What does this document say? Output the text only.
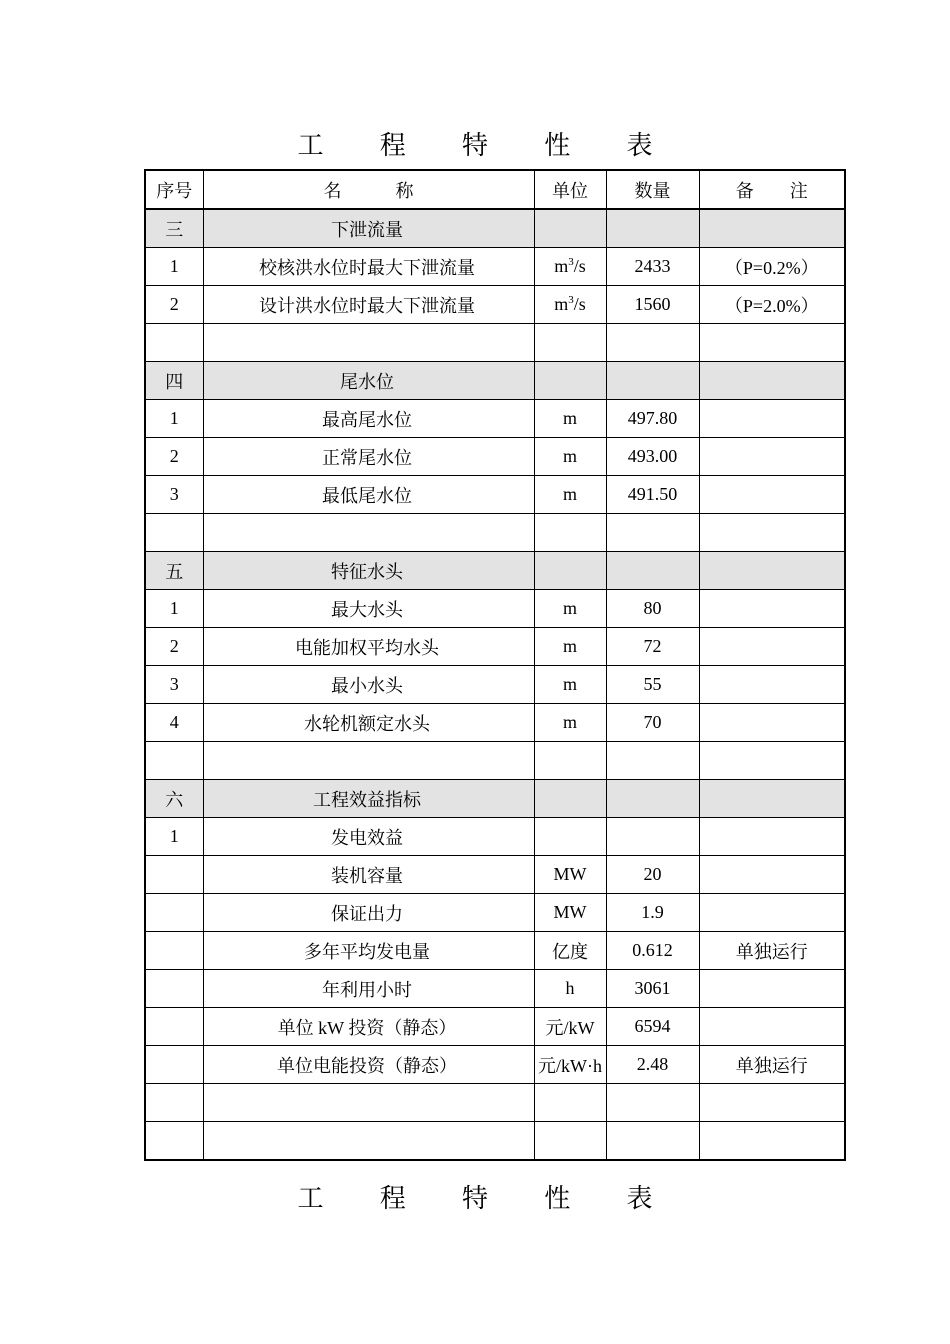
工 程 特 性 表
序号	名　　　称	单位	数量	备　　注
三	下泄流量			
1	校核洪水位时最大下泄流量	$m^3/s$	2433	（P=0.2%）
2	设计洪水位时最大下泄流量	$m^3/s$	1560	（P=2.0%）

四	尾水位			
1	最高尾水位	m	497.80	
2	正常尾水位	m	493.00	
3	最低尾水位	m	491.50	

五	特征水头			
1	最大水头	m	80	
2	电能加权平均水头	m	72	
3	最小水头	m	55	
4	水轮机额定水头	m	70	

六	工程效益指标			
1	发电效益			
	装机容量	MW	20	
	保证出力	MW	1.9	
	多年平均发电量	亿度	0.612	单独运行
	年利用小时	h	3061	
	单位 kW 投资（静态）	元/kW	6594	
	单位电能投资（静态）	元/kW·h	2.48	单独运行

工 程 特 性 表
